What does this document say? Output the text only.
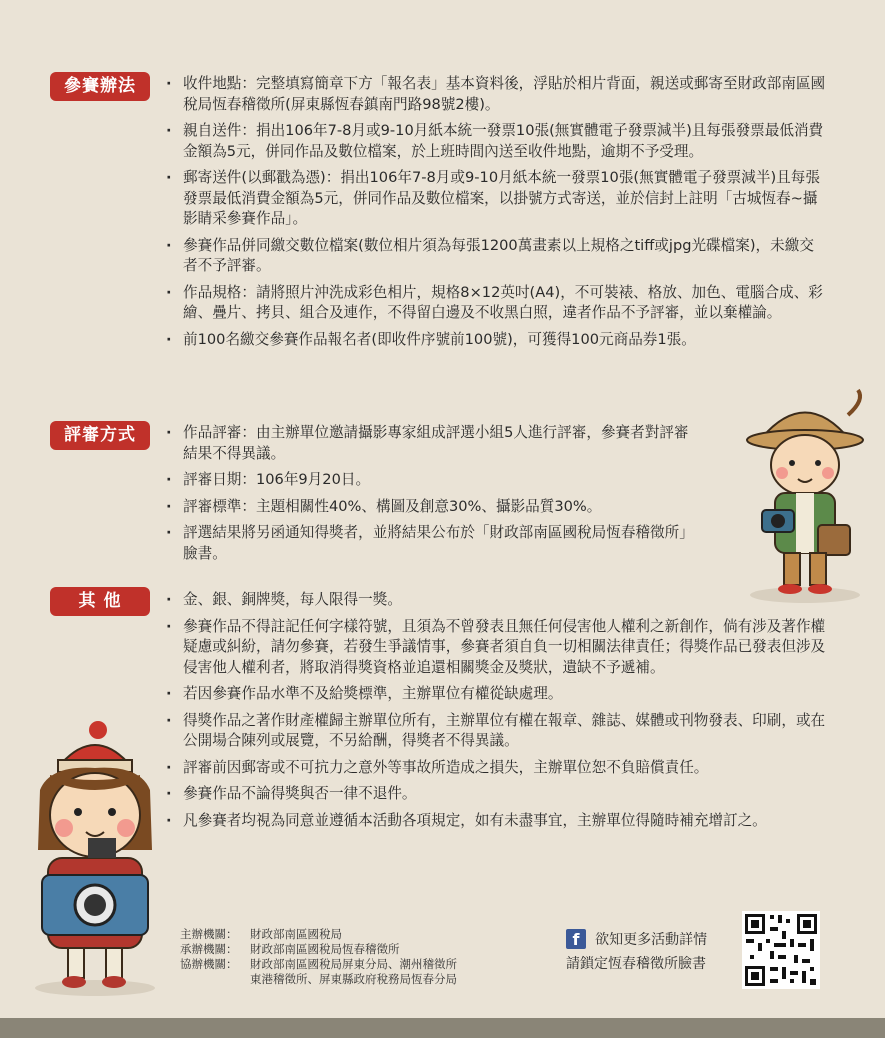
參賽辦法	· 收件地點：完整填寫簡章下方「報名表」基本資料後，浮貼於相片背面，親送或郵寄至財政部南區國稅局恆春稽徵所(屏東縣恆春鎮南門路98號2樓)。
· 親自送件：捐出106年7-8月或9-10月紙本統一發票10張(無實體電子發票減半)且每張發票最低消費金額為5元，併同作品及數位檔案，於上班時間內送至收件地點，逾期不予受理。
· 郵寄送件(以郵戳為憑)：捐出106年7-8月或9-10月紙本統一發票10張(無實體電子發票減半)且每張發票最低消費金額為5元，併同作品及數位檔案，以掛號方式寄送，並於信封上註明「古城恆春~攝影睛采參賽作品」。
· 參賽作品併同繳交數位檔案(數位相片須為每張1200萬畫素以上規格之tiff或jpg光碟檔案)，未繳交者不予評審。
· 作品規格：請將照片沖洗成彩色相片，規格8×12英吋(A4)，不可裝裱、格放、加色、電腦合成、彩繪、疊片、拷貝、組合及連作，不得留白邊及不收黑白照，違者作品不予評審，並以棄權論。
· 前100名繳交參賽作品報名者(即收件序號前100號)，可獲得100元商品券1張。
評審方式	· 作品評審：由主辦單位邀請攝影專家組成評選小組5人進行評審，參賽者對評審結果不得異議。
· 評審日期：106年9月20日。
· 評審標準：主題相關性40%、構圖及創意30%、攝影品質30%。
· 評選結果將另函通知得獎者，並將結果公布於「財政部南區國稅局恆春稽徵所」臉書。
其 他	· 金、銀、銅牌獎，每人限得一獎。
· 參賽作品不得註記任何字樣符號，且須為不曾發表且無任何侵害他人權利之新創作，倘有涉及著作權疑慮或糾紛，請勿參賽，若發生爭議情事，參賽者須自負一切相關法律責任；得獎作品已發表但涉及侵害他人權利者，將取消得獎資格並追還相關獎金及獎狀，遺缺不予遞補。
· 若因參賽作品水準不及給獎標準，主辦單位有權從缺處理。
· 得獎作品之著作財產權歸主辦單位所有，主辦單位有權在報章、雜誌、媒體或刊物發表、印刷，或在公開場合陳列或展覽，不另給酬，得獎者不得異議。
· 評審前因郵寄或不可抗力之意外等事故所造成之損失，主辦單位恕不負賠償責任。
· 參賽作品不論得獎與否一律不退件。
· 凡參賽者均視為同意並遵循本活動各項規定，如有未盡事宜，主辦單位得隨時補充增訂之。
主辦機關：	財政部南區國稅局
承辦機關：	財政部南區國稅局恆春稽徵所
協辦機關：	財政部南區國稅局屏東分局、潮州稽徵所
東港稽徵所、屏東縣政府稅務局恆春分局
f 欲知更多活動詳情
請鎖定恆春稽徵所臉書
